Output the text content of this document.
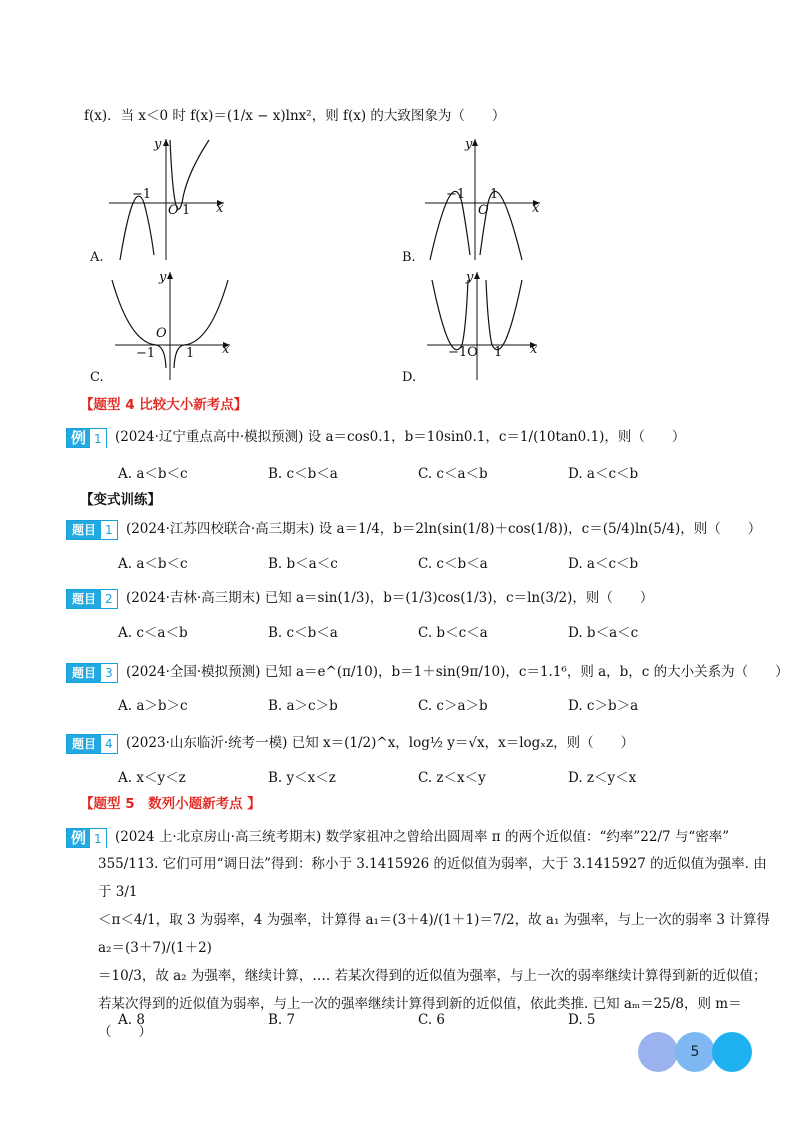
f(x)．当 x＜0 时 f(x)＝(1/x − x)lnx²，则 f(x) 的大致图象为（　　）
y
x
−1
O 1
A.
y
x
−1
O
1
B.
y
x
O
−1 1
C.
y
x
−1O 1
D.
【题型 4 比较大小新考点】
例 1 (2024·辽宁重点高中·模拟预测) 设 a＝cos0.1，b＝10sin0.1，c＝1/(10tan0.1)，则（　　）
A. a＜b＜c	B. c＜b＜a	C. c＜a＜b	D. a＜c＜b
【变式训练】
题目 1 (2024·江苏四校联合·高三期末) 设 a＝1/4，b＝2ln(sin(1/8)＋cos(1/8))，c＝(5/4)ln(5/4)，则（　　）
A. a＜b＜c	B. b＜a＜c	C. c＜b＜a	D. a＜c＜b
题目 2 (2024·吉林·高三期末) 已知 a＝sin(1/3)，b＝(1/3)cos(1/3)，c＝ln(3/2)，则（　　）
A. c＜a＜b	B. c＜b＜a	C. b＜c＜a	D. b＜a＜c
题目 3 (2024·全国·模拟预测) 已知 a＝e^(π/10)，b＝1＋sin(9π/10)，c＝1.1⁶，则 a，b，c 的大小关系为（　　）
A. a＞b＞c	B. a＞c＞b	C. c＞a＞b	D. c＞b＞a
题目 4 (2023·山东临沂·统考一模) 已知 x＝(1/2)^x，log½ y＝√x，x＝logₓz，则（　　）
A. x＜y＜z	B. y＜x＜z	C. z＜x＜y	D. z＜y＜x
【题型 5　数列小题新考点 】
例 1 (2024 上·北京房山·高三统考期末) 数学家祖冲之曾给出圆周率 π 的两个近似值：“约率”22/7 与“密率”
355/113. 它们可用“调日法”得到：称小于 3.1415926 的近似值为弱率，大于 3.1415927 的近似值为强率. 由于 3/1
＜π＜4/1，取 3 为弱率，4 为强率，计算得 a₁＝(3＋4)/(1＋1)＝7/2，故 a₁ 为强率，与上一次的弱率 3 计算得 a₂＝(3＋7)/(1＋2)
＝10/3，故 a₂ 为强率，继续计算，…. 若某次得到的近似值为强率，与上一次的弱率继续计算得到新的近似值；
若某次得到的近似值为弱率，与上一次的强率继续计算得到新的近似值，依此类推. 已知 aₘ＝25/8，则 m＝
（　　）
A. 8	B. 7	C. 6	D. 5
5
